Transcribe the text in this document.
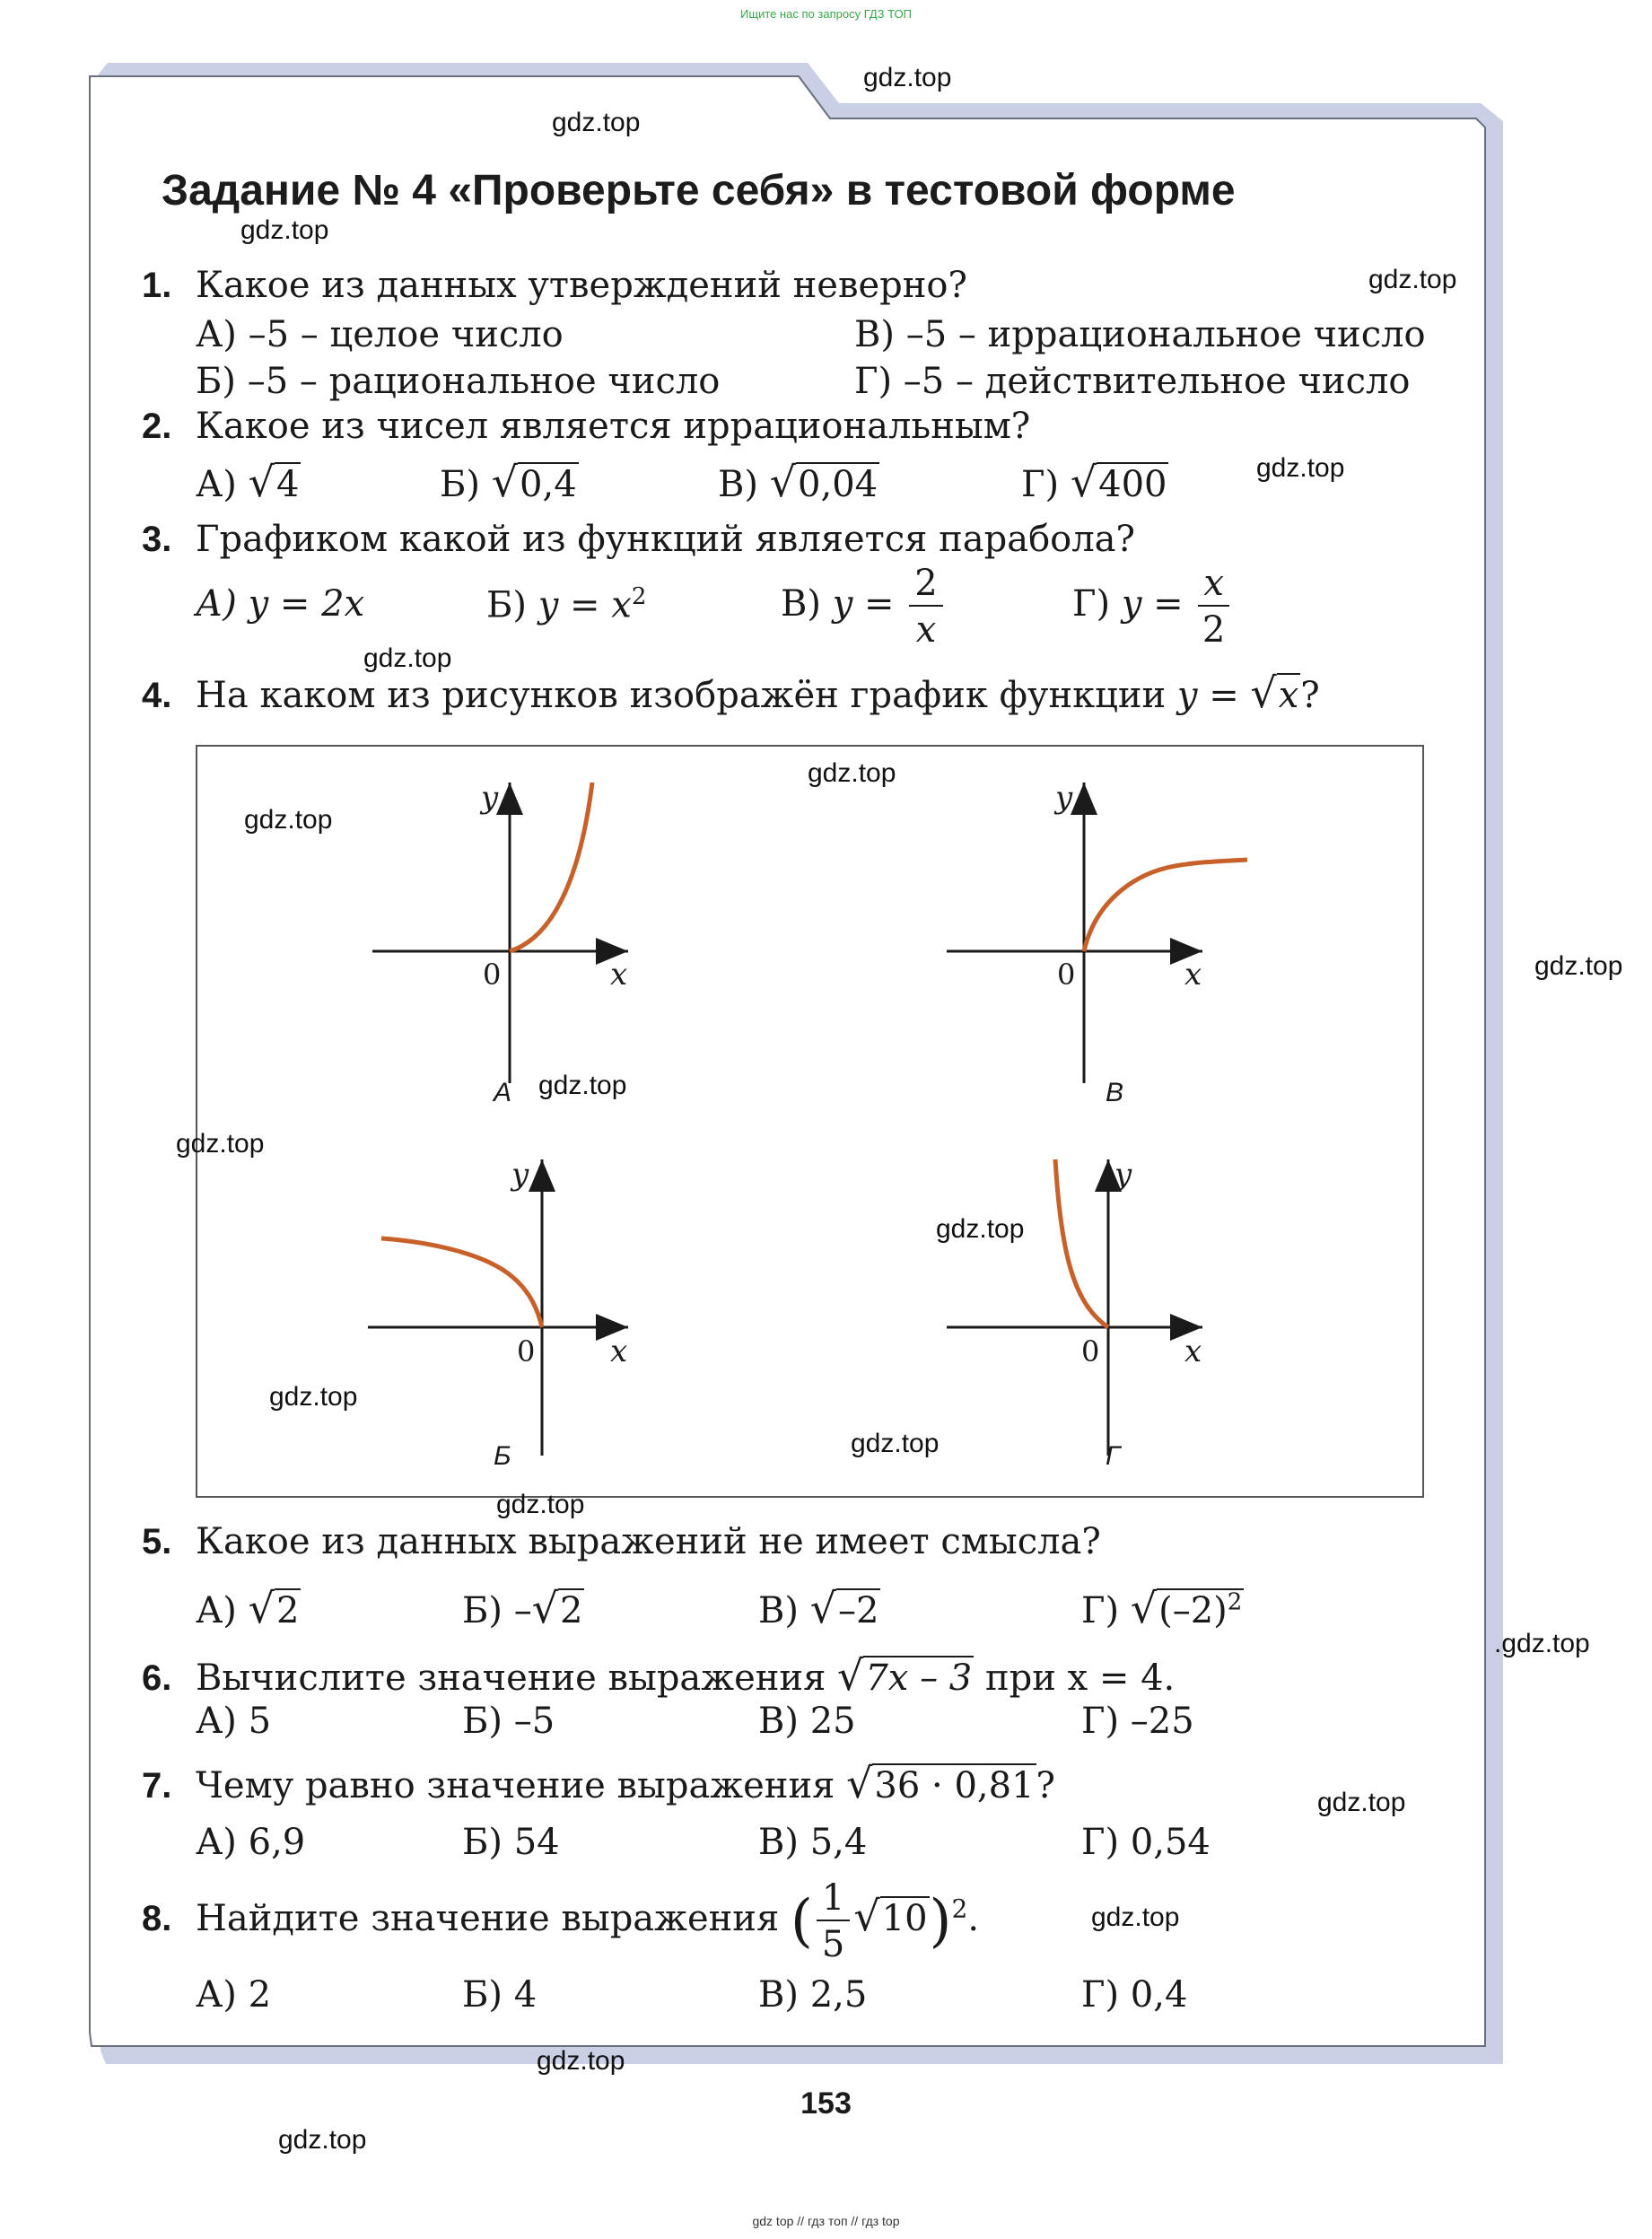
Ищите нас по запросу ГДЗ ТОП
Задание № 4 «Проверьте себя» в тестовой форме
1. Какое из данных утверждений неверно?
А) –5 – целое число	В) –5 – иррациональное число
Б) –5 – рациональное число	Г) –5 – действительное число
2. Какое из чисел является иррациональным?
А) √4	Б) √0,4	В) √0,04	Г) √400
3. Графиком какой из функций является парабола?
А) y = 2x	Б) $y = x^2$	В) $y = \frac{2}{x}$	Г) $y = \frac{x}{2}$
4. На каком из рисунков изображён график функции y = √x?
y
x
0
А
y
x
0
В
y
x
0
Б
y
x
0
Г
5. Какое из данных выражений не имеет смысла?
А) √2	Б) –√2	В) √–2	Г) $√(-2)^2$
6. Вычислите значение выражения √7x – 3 при x = 4.
А) 5	Б) –5	В) 25	Г) –25
7. Чему равно значение выражения √36 · 0,81?
А) 6,9	Б) 54	В) 5,4	Г) 0,54
8. Найдите значение выражения ( $\frac{1}{5} √10)^2$.
А) 2	Б) 4	В) 2,5	Г) 0,4
gdz.top
gdz.top
gdz.top
gdz.top
gdz.top
gdz.top
gdz.top
gdz.top
gdz.top
gdz.top
gdz.top
gdz.top
gdz.top
gdz.top
gdz.top
.gdz.top
gdz.top
gdz.top
gdz.top
gdz.top
153
gdz top // гдз топ // гдз top
